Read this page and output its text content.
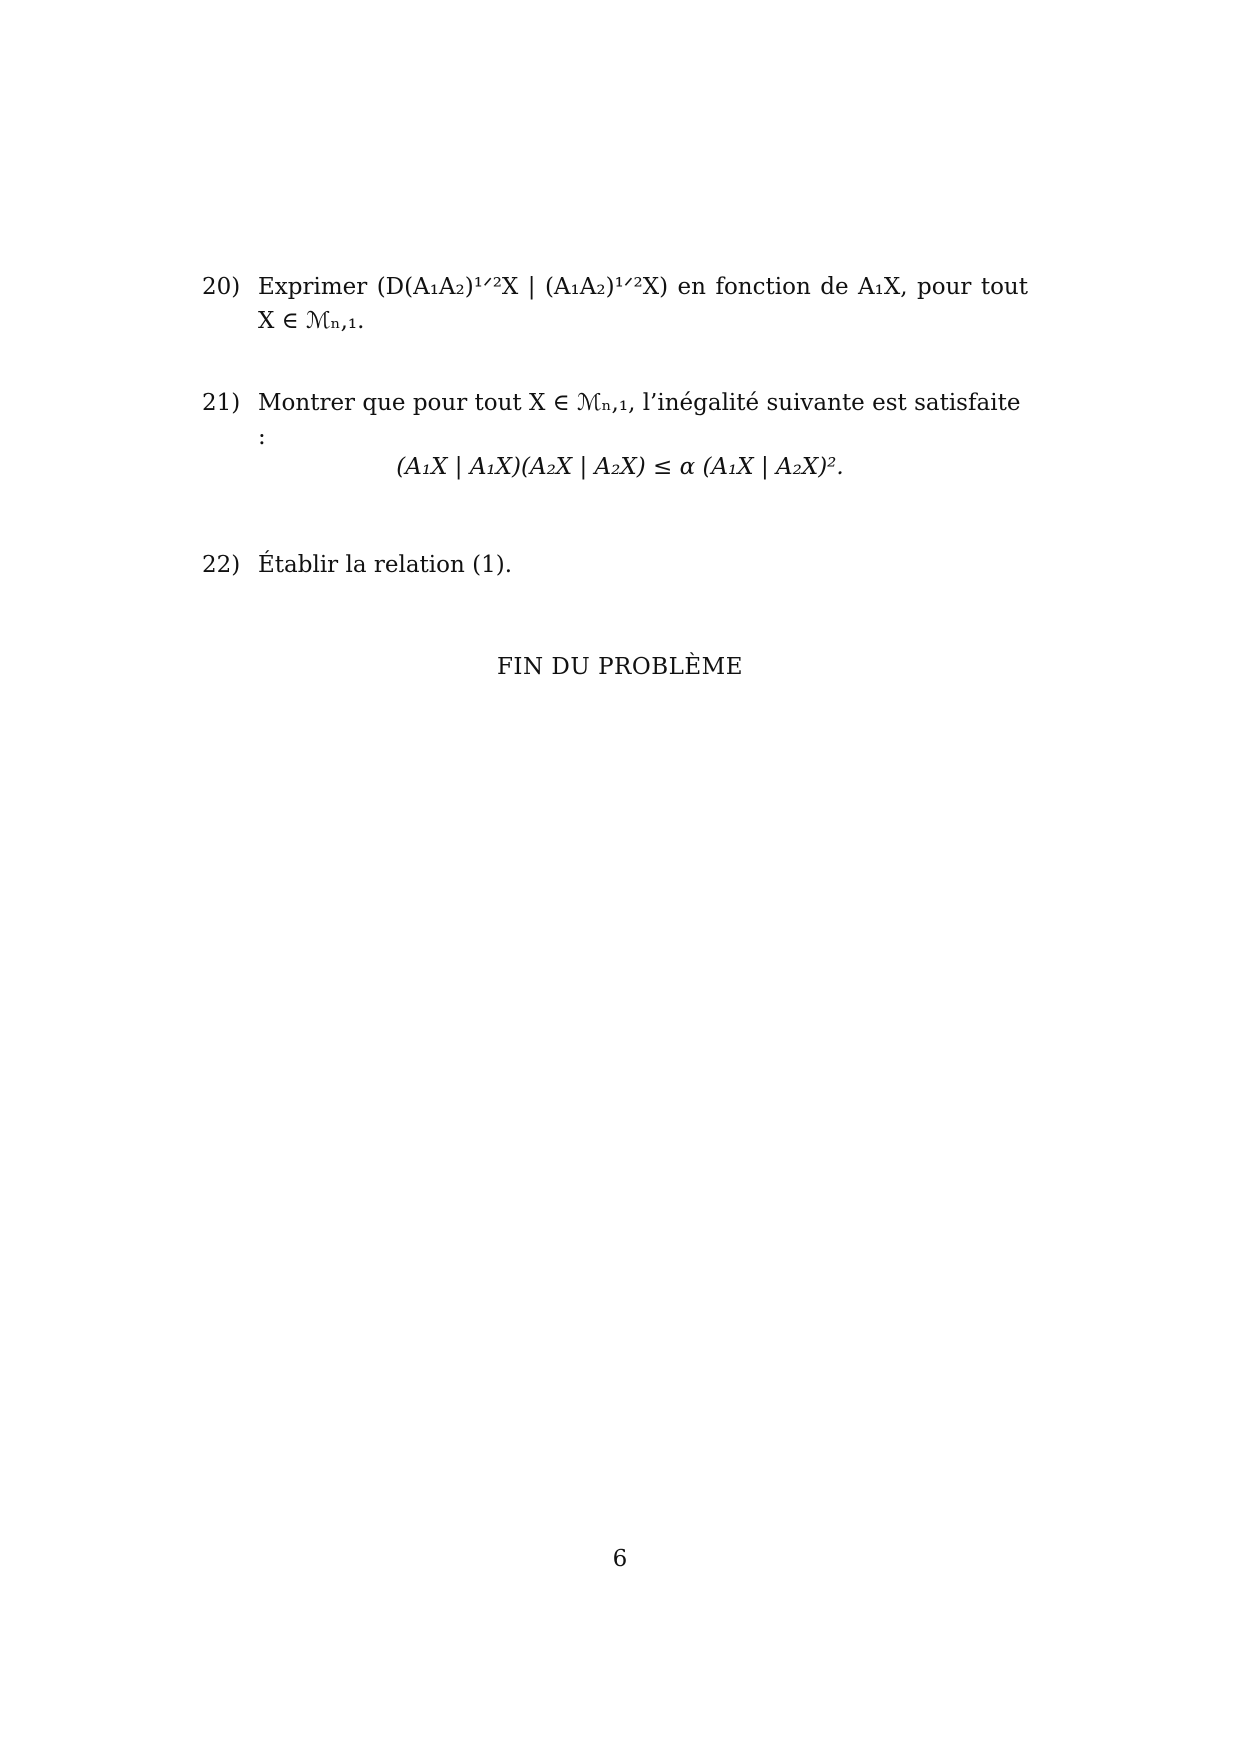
20) Exprimer (D(A₁A₂)¹ᐟ²X | (A₁A₂)¹ᐟ²X) en fonction de A₁X, pour tout
X ∈ ℳₙ,₁.
21) Montrer que pour tout X ∈ ℳₙ,₁, l’inégalité suivante est satisfaite :
(A₁X | A₁X)(A₂X | A₂X) ≤ α (A₁X | A₂X)².
22) Établir la relation (1).
FIN DU PROBLÈME
6
